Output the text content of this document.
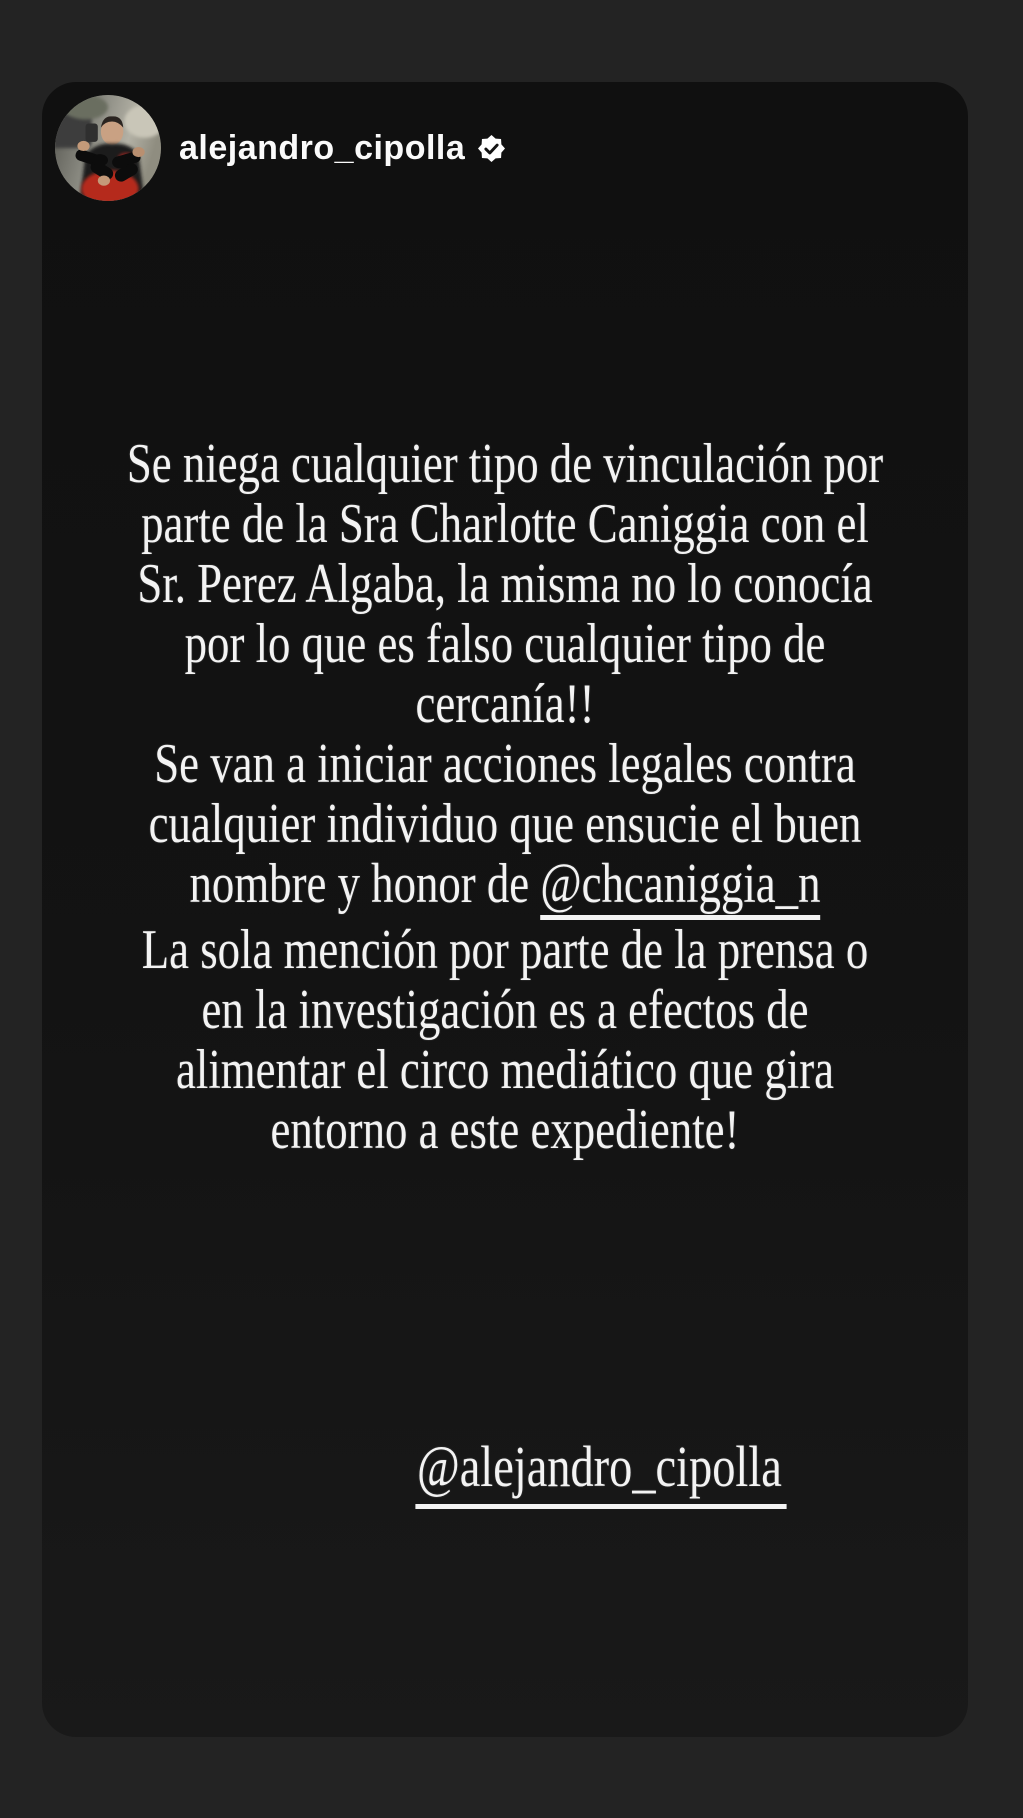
alejandro_cipolla
Se niega cualquier tipo de vinculación por
parte de la Sra Charlotte Caniggia con el
Sr. Perez Algaba, la misma no lo conocía
por lo que es falso cualquier tipo de
cercanía!!
Se van a iniciar acciones legales contra
cualquier individuo que ensucie el buen
nombre y honor de @chcaniggia_n
La sola mención por parte de la prensa o
en la investigación es a efectos de
alimentar el circo mediático que gira
entorno a este expediente!
@alejandro_cipolla
